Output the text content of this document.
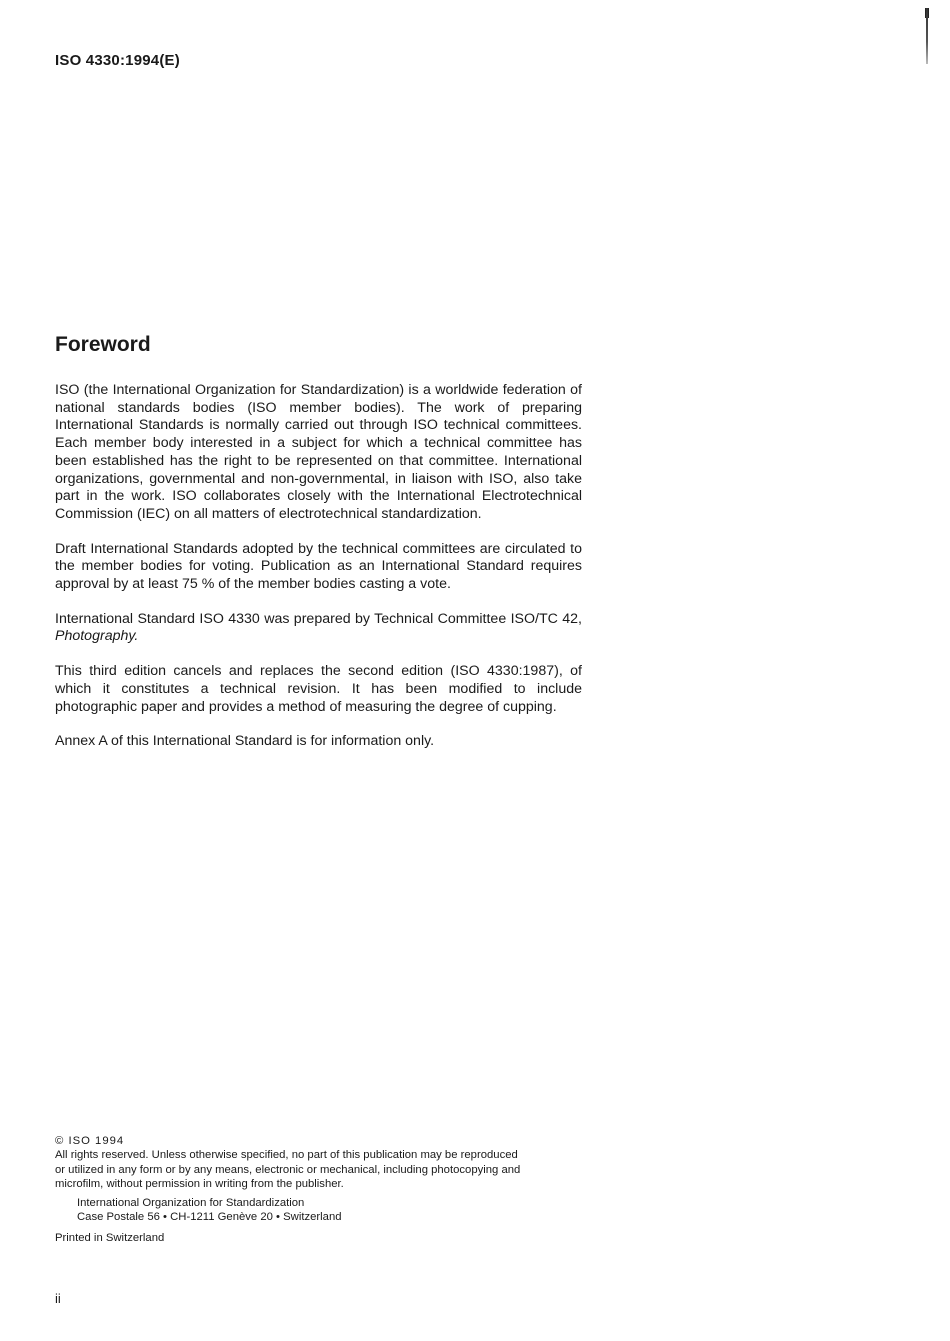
ISO 4330:1994(E)
Foreword

ISO (the International Organization for Standardization) is a worldwide federation of national standards bodies (ISO member bodies). The work of preparing International Standards is normally carried out through ISO technical committees. Each member body interested in a subject for which a technical committee has been established has the right to be represented on that committee. International organizations, governmental and non-governmental, in liaison with ISO, also take part in the work. ISO collaborates closely with the International Electrotechnical Commission (IEC) on all matters of electrotechnical standardization.

Draft International Standards adopted by the technical committees are circulated to the member bodies for voting. Publication as an International Standard requires approval by at least 75 % of the member bodies casting a vote.

International Standard ISO 4330 was prepared by Technical Committee ISO/TC 42, Photography.

This third edition cancels and replaces the second edition (ISO 4330:1987), of which it constitutes a technical revision. It has been modified to include photographic paper and provides a method of measuring the degree of cupping.

Annex A of this International Standard is for information only.

© ISO 1994
All rights reserved. Unless otherwise specified, no part of this publication may be reproduced
or utilized in any form or by any means, electronic or mechanical, including photocopying and
microfilm, without permission in writing from the publisher.
International Organization for Standardization
Case Postale 56 • CH-1211 Genève 20 • Switzerland
Printed in Switzerland
ii
